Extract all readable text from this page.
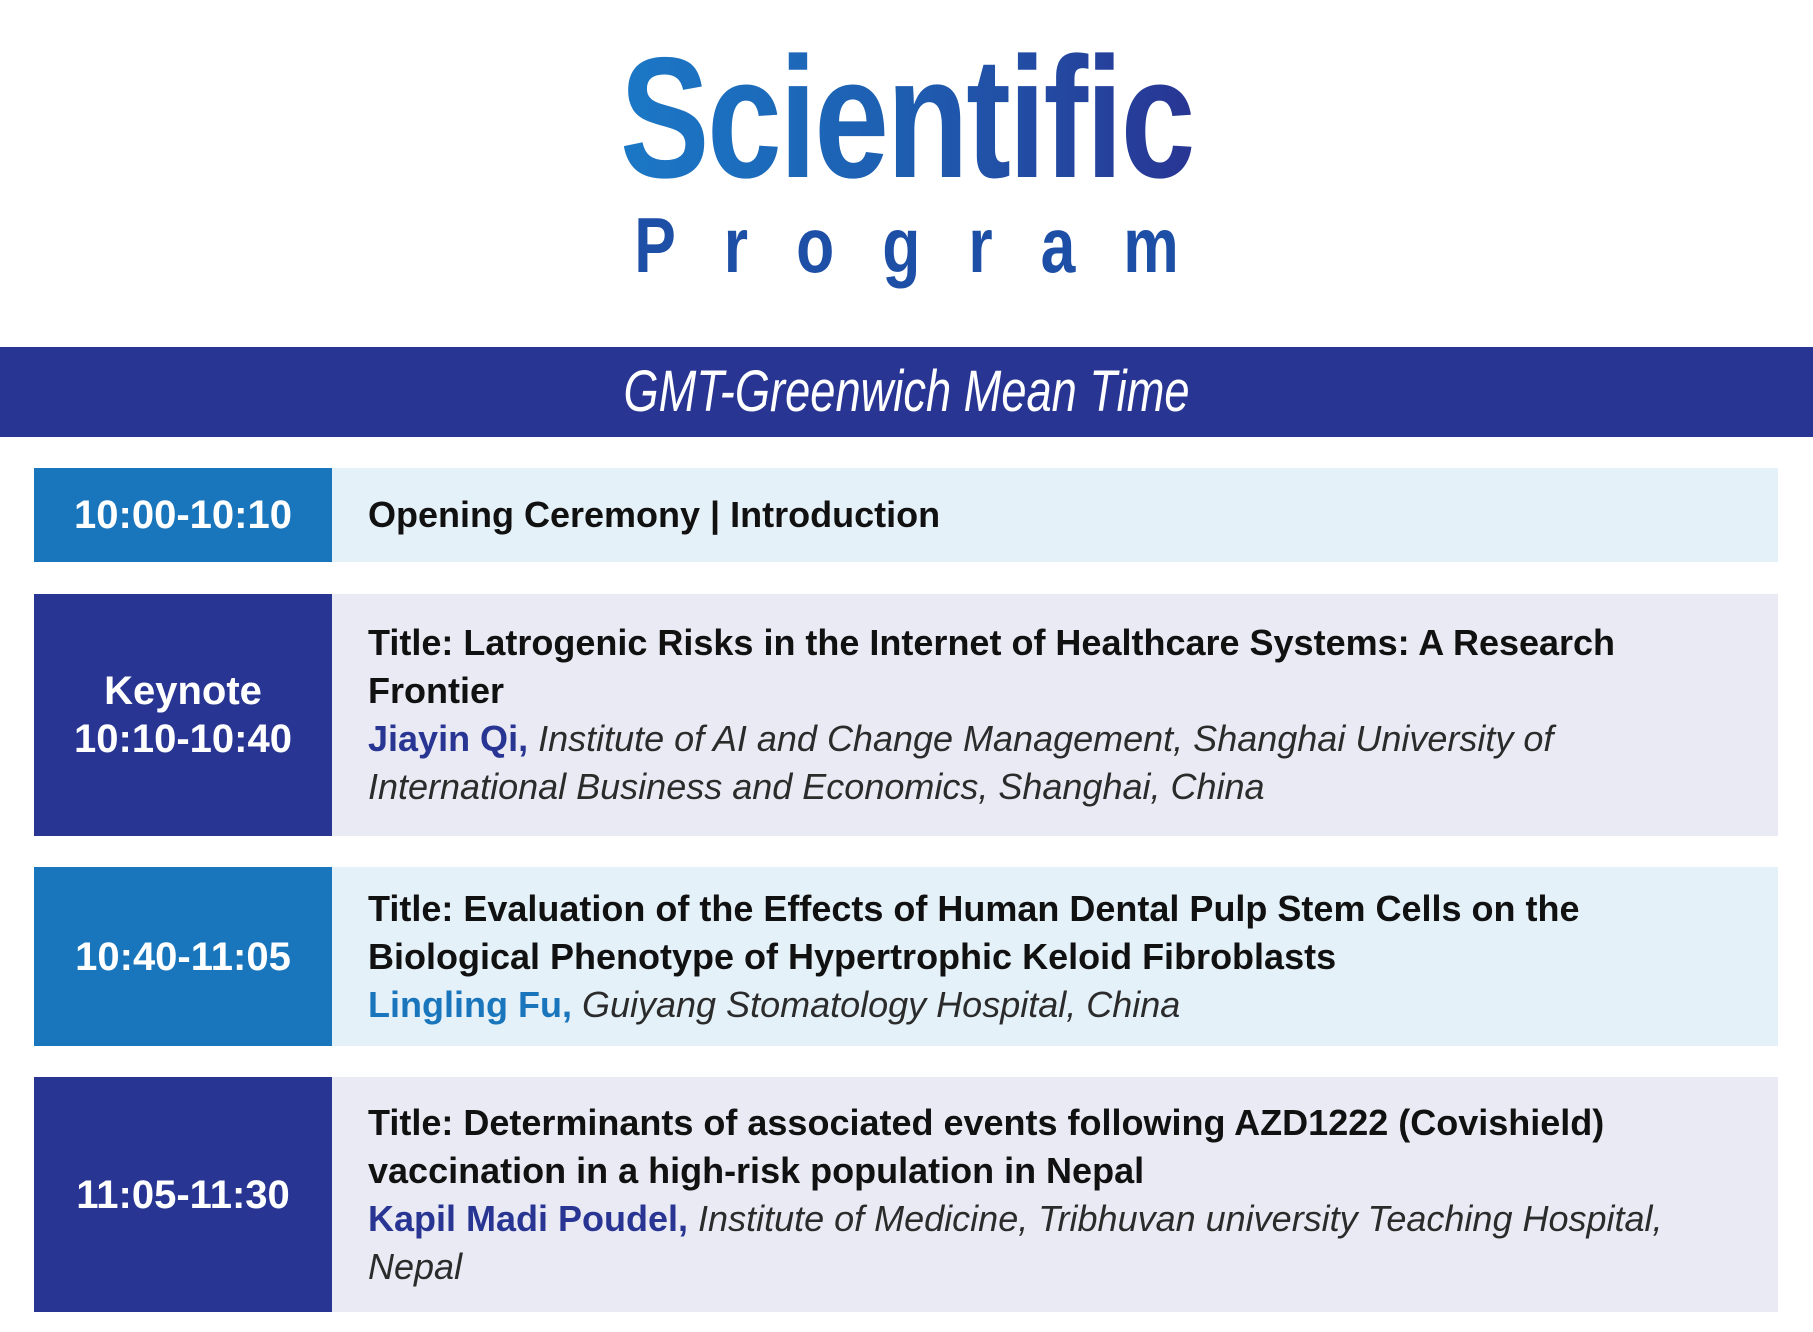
Scientific
Program
GMT-Greenwich Mean Time
10:00-10:10 Opening Ceremony | Introduction
Keynote
10:10-10:40
Title: Latrogenic Risks in the Internet of Healthcare Systems: A Research Frontier
Jiayin Qi, Institute of AI and Change Management, Shanghai University of International Business and Economics, Shanghai, China
10:40-11:05
Title: Evaluation of the Effects of Human Dental Pulp Stem Cells on the Biological Phenotype of Hypertrophic Keloid Fibroblasts
Lingling Fu, Guiyang Stomatology Hospital, China
11:05-11:30
Title: Determinants of associated events following AZD1222 (Covishield) vaccination in a high-risk population in Nepal
Kapil Madi Poudel, Institute of Medicine, Tribhuvan university Teaching Hospital, Nepal
